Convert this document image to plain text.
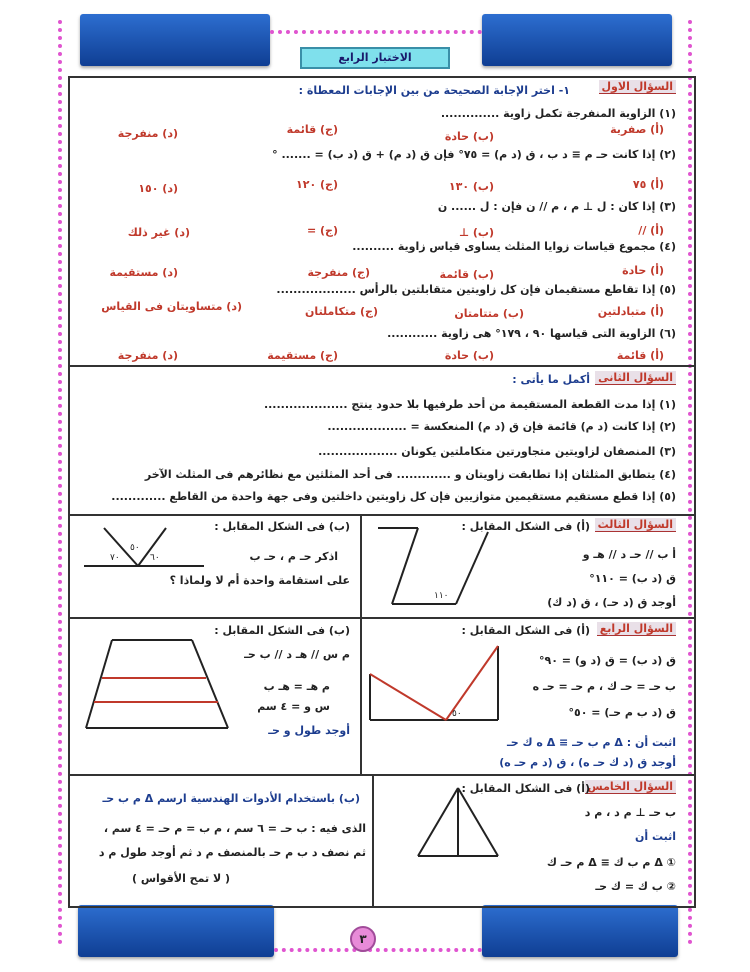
الاختبار الرابع
السؤال الاول
١- اختر الإجابة الصحيحة من بين الإجابات المعطاة :
(١) الزاوية المنفرجة تكمل زاوية ..............
(أ) صفرية
(ب) حادة
(ج) قائمة
(د) منفرجة
(٢) إذا كانت حـ م ≡ د ب ، ق (د م) = ٧٥° فإن ق (د م) + ق (د ب) = ....... °
(أ) ٧٥
(ب) ١٣٠
(ج) ١٢٠
(د) ١٥٠
(٣) إذا كان : ل ⊥ م ، م // ن فإن : ل ...... ن
(أ) //
(ب) ⊥
(ج) =
(د) غير ذلك
(٤) مجموع قياسات زوايا المثلث يساوى قياس زاوية ..........
(أ) حادة
(ب) قائمة
(ج) منفرجة
(د) مستقيمة
(٥) إذا تقاطع مستقيمان فإن كل زاويتين متقابلتين بالرأس ...................
(أ) متبادلتين
(ب) متتامتان
(ج) متكاملتان
(د) متساويتان فى القياس
(٦) الزاوية التى قياسها ٩٠ ، ١٧٩° هى زاوية ............
(أ) قائمة
(ب) حادة
(ج) مستقيمة
(د) منفرجة
السؤال الثانى
أكمل ما يأتى :
(١) إذا مدت القطعة المستقيمة من أحد طرفيها بلا حدود ينتج ....................
(٢) إذا كانت (د م) قائمة فإن ق (د م) المنعكسة = ...................
(٣) المنصفان لزاويتين متجاورتين متكاملتين يكونان ...................
(٤) يتطابق المثلثان إذا تطابقت زاويتان و ............. فى أحد المثلثين مع نظائرهم فى المثلث الآخر
(٥) إذا قطع مستقيم مستقيمين متوازيين فإن كل زاويتين داخلتين وفى جهة واحدة من القاطع .............
السؤال الثالث
(أ) فى الشكل المقابل :
أ ب // حـ د // هـ و
ق (د ب) = ١١٠°
أوجد ق (د حـ) ، ق (د ك)
١١٠
(ب) فى الشكل المقابل :
اذكر حـ م ، حـ ب
على استقامة واحدة أم لا ولماذا ؟
٦٠
٥٠
٧٠
السؤال الرابع
(أ) فى الشكل المقابل :
ق (د ب) = ق (د و) = ٩٠°
ب حـ = حـ ك ، م حـ = حـ ه
ق (د ب م حـ) = ٥٠°
اثبت أن : Δ م ب حـ ≡ Δ ه ك حـ
أوجد ق (د ك حـ ه) ، ق (د م حـ ه)
٥٠
(ب) فى الشكل المقابل :
م س // هـ د // ب حـ
م هـ = هـ ب
س و = ٤ سم
أوجد طول و حـ
السؤال الخامس
(أ) فى الشكل المقابل :
ب حـ ⊥ م د ، م د
اثبت أن
① Δ م ب ك ≡ Δ م حـ ك
② ب ك = ك حـ
(ب) باستخدام الأدوات الهندسية ارسم Δ م ب حـ
الذى فيه : ب حـ = ٦ سم ، م ب = م حـ = ٤ سم ،
ثم نصف د ب م حـ بالمنصف م د ثم أوجد طول م د
( لا تمح الأقواس )
٣
